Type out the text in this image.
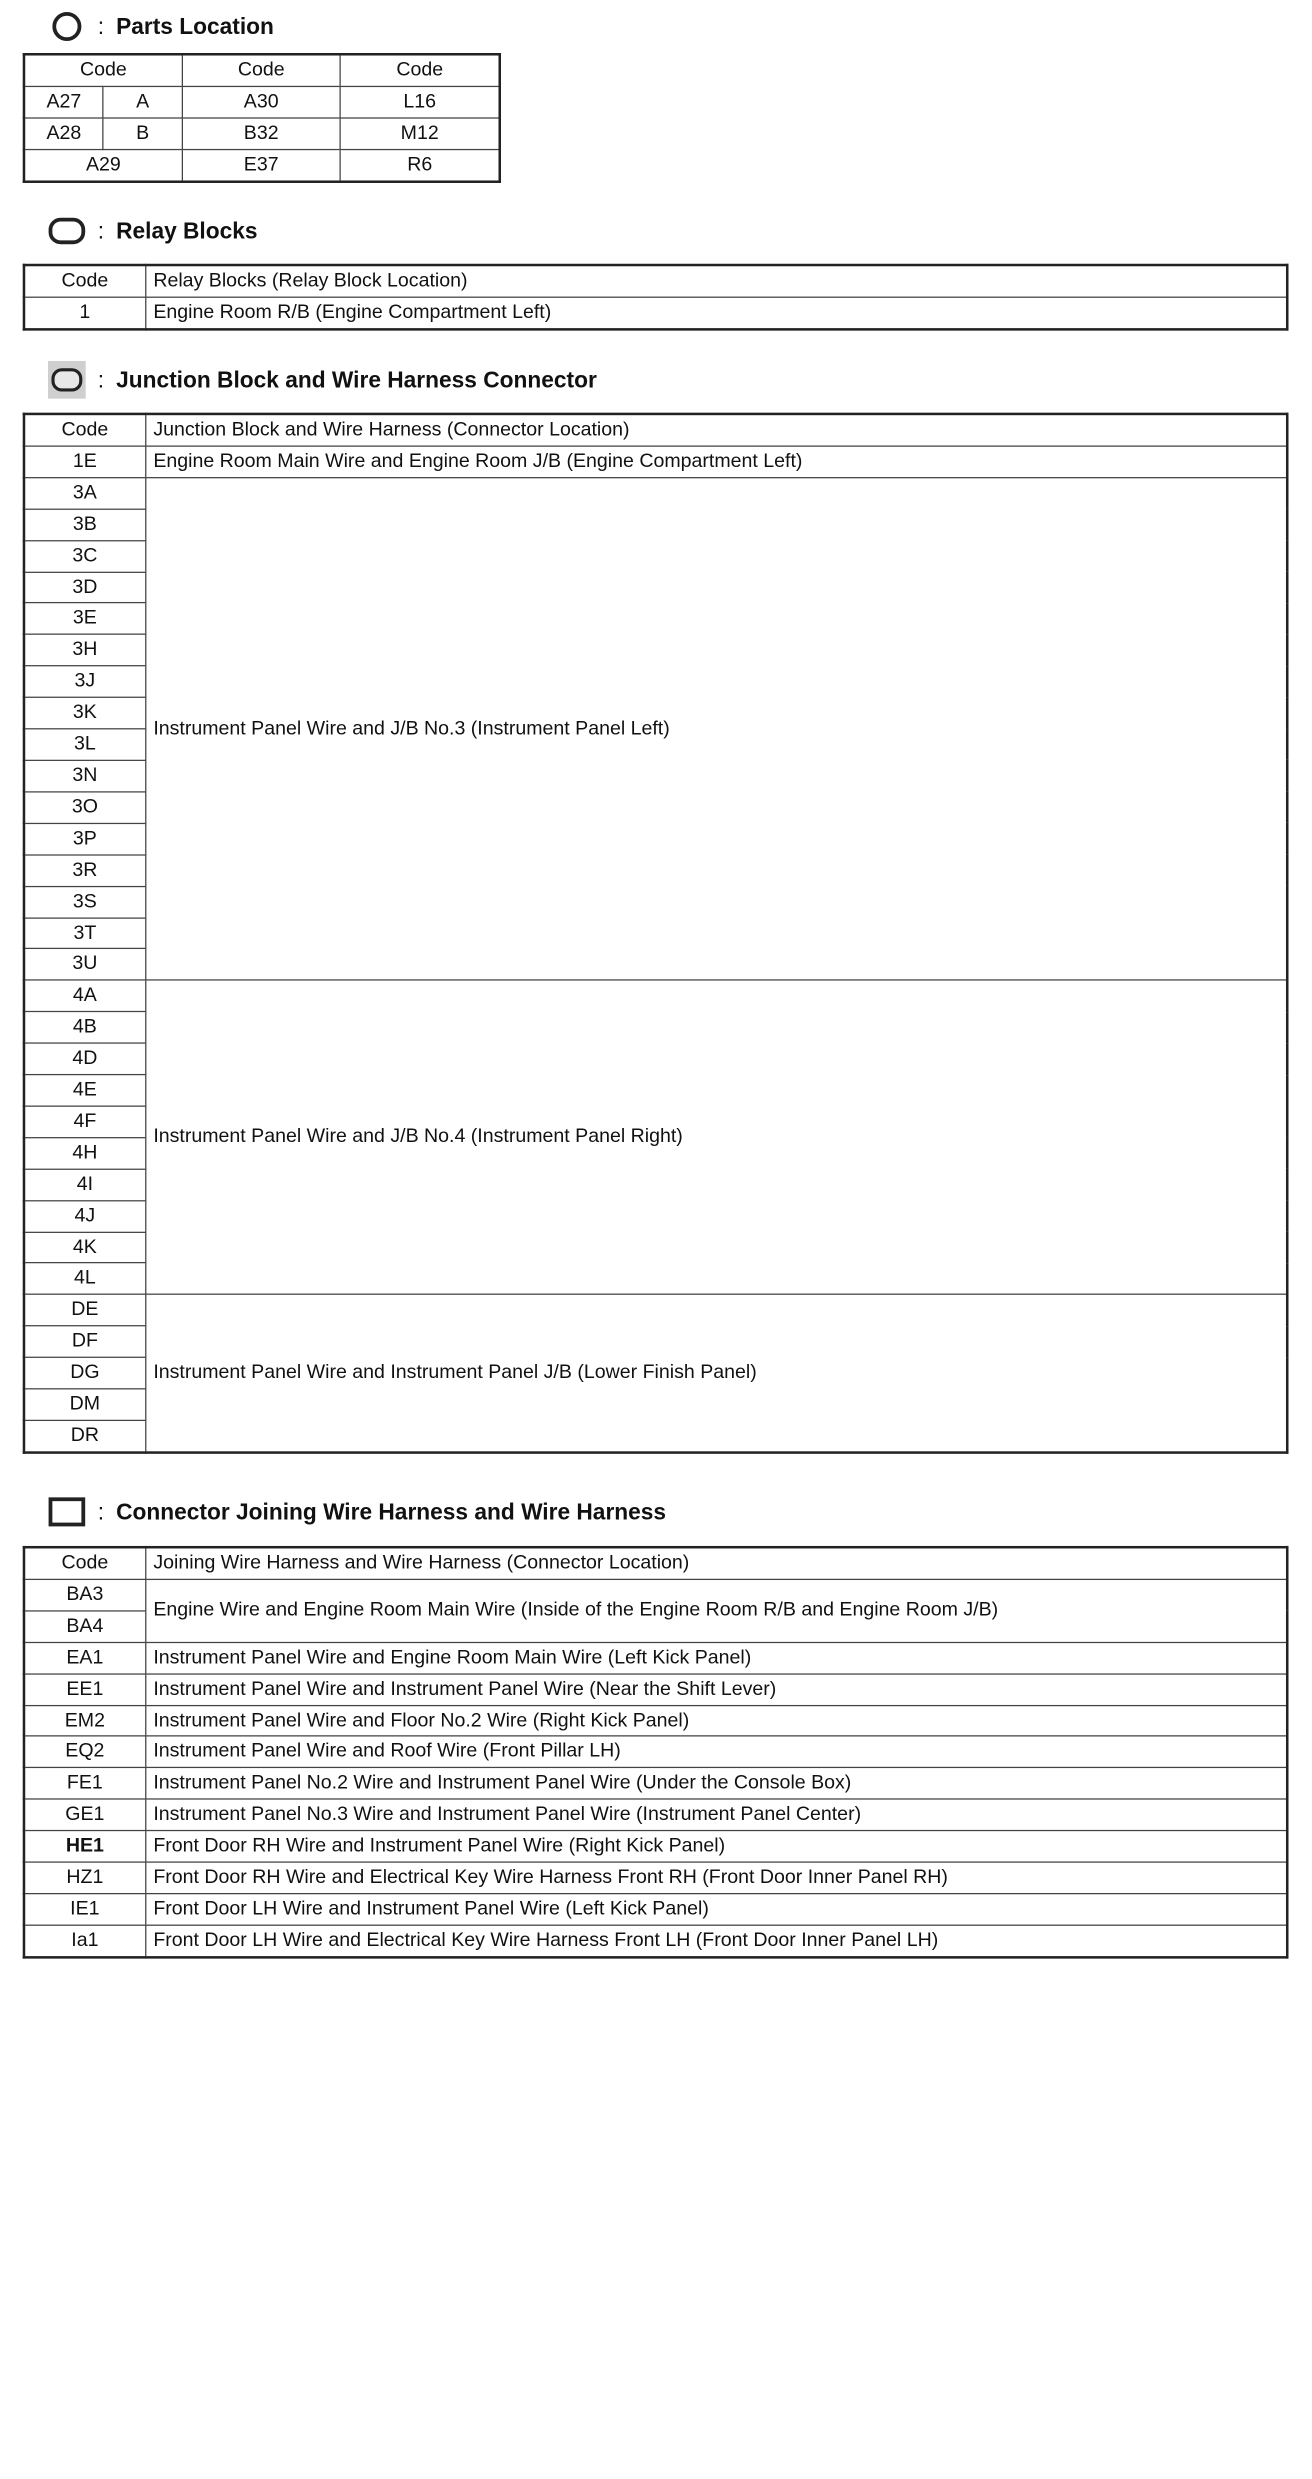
: Parts Location
Code		Code	Code
A27	A	A30	L16
A28	B	B32	M12
A29		E37	R6
: Relay Blocks
Code	Relay Blocks (Relay Block Location)
1	Engine Room R/B (Engine Compartment Left)
: Junction Block and Wire Harness Connector
Code	Junction Block and Wire Harness (Connector Location)
1E	Engine Room Main Wire and Engine Room J/B (Engine Compartment Left)
3A	Instrument Panel Wire and J/B No.3 (Instrument Panel Left)
3B	
3C	
3D	
3E	
3H	
3J	
3K	
3L	
3N	
3O	
3P	
3R	
3S	
3T	
3U	
4A	Instrument Panel Wire and J/B No.4 (Instrument Panel Right)
4B	
4D	
4E	
4F	
4H	
4I	
4J	
4K	
4L	
DE	Instrument Panel Wire and Instrument Panel J/B (Lower Finish Panel)
DF	
DG	
DM	
DR	
: Connector Joining Wire Harness and Wire Harness
Code	Joining Wire Harness and Wire Harness (Connector Location)
BA3	Engine Wire and Engine Room Main Wire (Inside of the Engine Room R/B and Engine Room J/B)
BA4	
EA1	Instrument Panel Wire and Engine Room Main Wire (Left Kick Panel)
EE1	Instrument Panel Wire and Instrument Panel Wire (Near the Shift Lever)
EM2	Instrument Panel Wire and Floor No.2 Wire (Right Kick Panel)
EQ2	Instrument Panel Wire and Roof Wire (Front Pillar LH)
FE1	Instrument Panel No.2 Wire and Instrument Panel Wire (Under the Console Box)
GE1	Instrument Panel No.3 Wire and Instrument Panel Wire (Instrument Panel Center)
HE1	Front Door RH Wire and Instrument Panel Wire (Right Kick Panel)
HZ1	Front Door RH Wire and Electrical Key Wire Harness Front RH (Front Door Inner Panel RH)
IE1	Front Door LH Wire and Instrument Panel Wire (Left Kick Panel)
Ia1	Front Door LH Wire and Electrical Key Wire Harness Front LH (Front Door Inner Panel LH)
